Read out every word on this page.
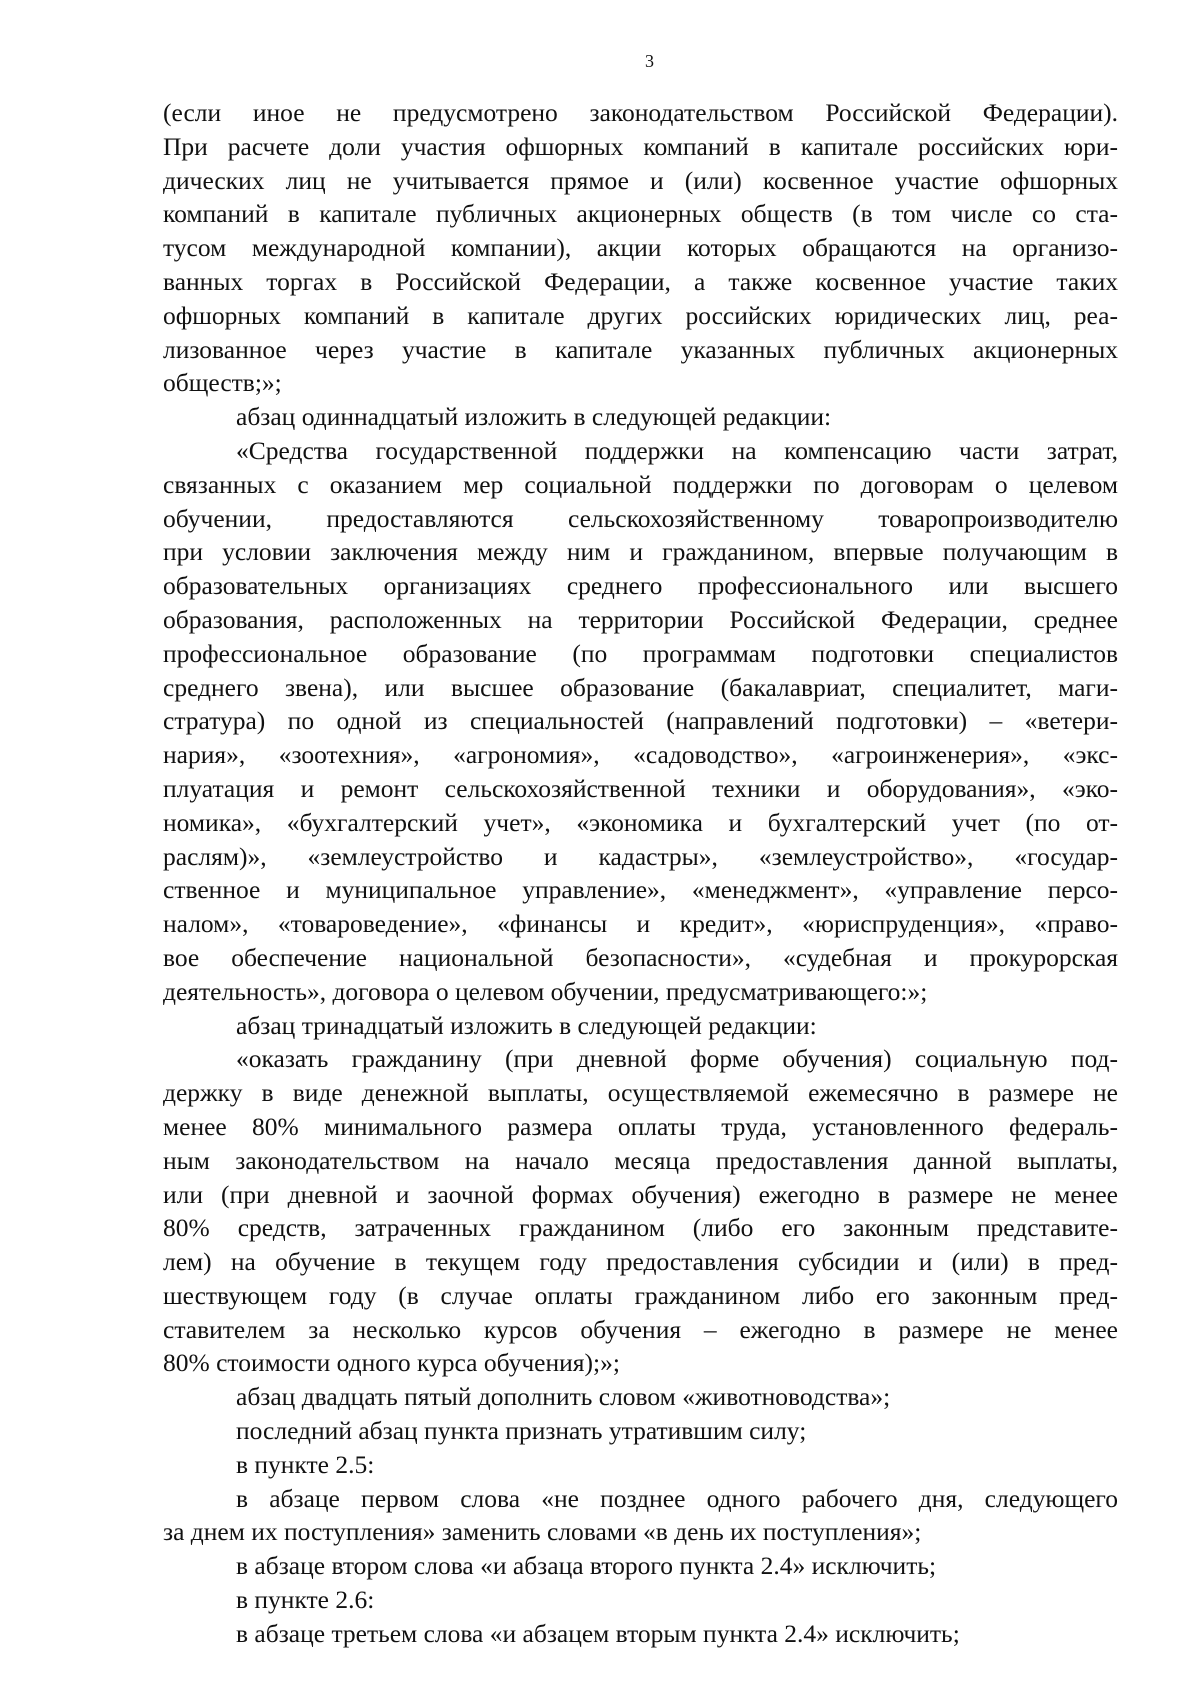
3
(если иное не предусмотрено законодательством Российской Федерации).
При расчете доли участия офшорных компаний в капитале российских юри-
дических лиц не учитывается прямое и (или) косвенное участие офшорных
компаний в капитале публичных акционерных обществ (в том числе со ста-
тусом международной компании), акции которых обращаются на организо-
ванных торгах в Российской Федерации, а также косвенное участие таких
офшорных компаний в капитале других российских юридических лиц, реа-
лизованное через участие в капитале указанных публичных акционерных
обществ;»;
абзац одиннадцатый изложить в следующей редакции:
«Средства государственной поддержки на компенсацию части затрат,
связанных с оказанием мер социальной поддержки по договорам о целевом
обучении, предоставляются сельскохозяйственному товаропроизводителю
при условии заключения между ним и гражданином, впервые получающим в
образовательных организациях среднего профессионального или высшего
образования, расположенных на территории Российской Федерации, среднее
профессиональное образование (по программам подготовки специалистов
среднего звена), или высшее образование (бакалавриат, специалитет, маги-
стратура) по одной из специальностей (направлений подготовки) – «ветери-
нария», «зоотехния», «агрономия», «садоводство», «агроинженерия», «экс-
плуатация и ремонт сельскохозяйственной техники и оборудования», «эко-
номика», «бухгалтерский учет», «экономика и бухгалтерский учет (по от-
раслям)», «землеустройство и кадастры», «землеустройство», «государ-
ственное и муниципальное управление», «менеджмент», «управление персо-
налом», «товароведение», «финансы и кредит», «юриспруденция», «право-
вое обеспечение национальной безопасности», «судебная и прокурорская
деятельность», договора о целевом обучении, предусматривающего:»;
абзац тринадцатый изложить в следующей редакции:
«оказать гражданину (при дневной форме обучения) социальную под-
держку в виде денежной выплаты, осуществляемой ежемесячно в размере не
менее 80% минимального размера оплаты труда, установленного федераль-
ным законодательством на начало месяца предоставления данной выплаты,
или (при дневной и заочной формах обучения) ежегодно в размере не менее
80% средств, затраченных гражданином (либо его законным представите-
лем) на обучение в текущем году предоставления субсидии и (или) в пред-
шествующем году (в случае оплаты гражданином либо его законным пред-
ставителем за несколько курсов обучения – ежегодно в размере не менее
80% стоимости одного курса обучения);»;
абзац двадцать пятый дополнить словом «животноводства»;
последний абзац пункта признать утратившим силу;
в пункте 2.5:
в абзаце первом слова «не позднее одного рабочего дня, следующего
за днем их поступления» заменить словами «в день их поступления»;
в абзаце втором слова «и абзаца второго пункта 2.4» исключить;
в пункте 2.6:
в абзаце третьем слова «и абзацем вторым пункта 2.4» исключить;
